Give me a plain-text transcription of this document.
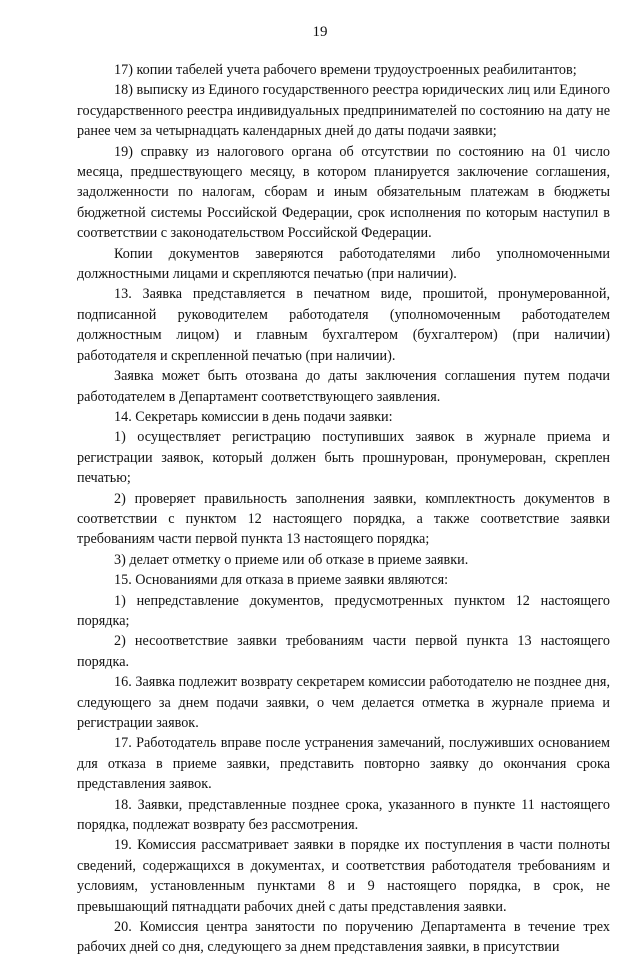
19

17) копии табелей учета рабочего времени трудоустроенных реабилитантов;

18) выписку из Единого государственного реестра юридических лиц или Единого государственного реестра индивидуальных предпринимателей по состоянию на дату не ранее чем за четырнадцать календарных дней до даты подачи заявки;

19) справку из налогового органа об отсутствии по состоянию на 01 число месяца, предшествующего месяцу, в котором планируется заключение соглашения, задолженности по налогам, сборам и иным обязательным платежам в бюджеты бюджетной системы Российской Федерации, срок исполнения по которым наступил в соответствии с законодательством Российской Федерации.

Копии документов заверяются работодателями либо уполномоченными должностными лицами и скрепляются печатью (при наличии).

13. Заявка представляется в печатном виде, прошитой, пронумерованной, подписанной руководителем работодателя (уполномоченным работодателем должностным лицом) и главным бухгалтером (бухгалтером) (при наличии) работодателя и скрепленной печатью (при наличии).

Заявка может быть отозвана до даты заключения соглашения путем подачи работодателем в Департамент соответствующего заявления.

14. Секретарь комиссии в день подачи заявки:

1) осуществляет регистрацию поступивших заявок в журнале приема и регистрации заявок, который должен быть прошнурован, пронумерован, скреплен печатью;

2) проверяет правильность заполнения заявки, комплектность документов в соответствии с пунктом 12 настоящего порядка, а также соответствие заявки требованиям части первой пункта 13 настоящего порядка;

3) делает отметку о приеме или об отказе в приеме заявки.

15. Основаниями для отказа в приеме заявки являются:

1) непредставление документов, предусмотренных пунктом 12 настоящего порядка;

2) несоответствие заявки требованиям части первой пункта 13 настоящего порядка.

16. Заявка подлежит возврату секретарем комиссии работодателю не позднее дня, следующего за днем подачи заявки, о чем делается отметка в журнале приема и регистрации заявок.

17. Работодатель вправе после устранения замечаний, послуживших основанием для отказа в приеме заявки, представить повторно заявку до окончания срока представления заявок.

18. Заявки, представленные позднее срока, указанного в пункте 11 настоящего порядка, подлежат возврату без рассмотрения.

19. Комиссия рассматривает заявки в порядке их поступления в части полноты сведений, содержащихся в документах, и соответствия работодателя требованиям и условиям, установленным пунктами 8 и 9 настоящего порядка, в срок, не превышающий пятнадцати рабочих дней с даты представления заявки.

20. Комиссия центра занятости по поручению Департамента в течение трех рабочих дней со дня, следующего за днем представления заявки, в присутствии
